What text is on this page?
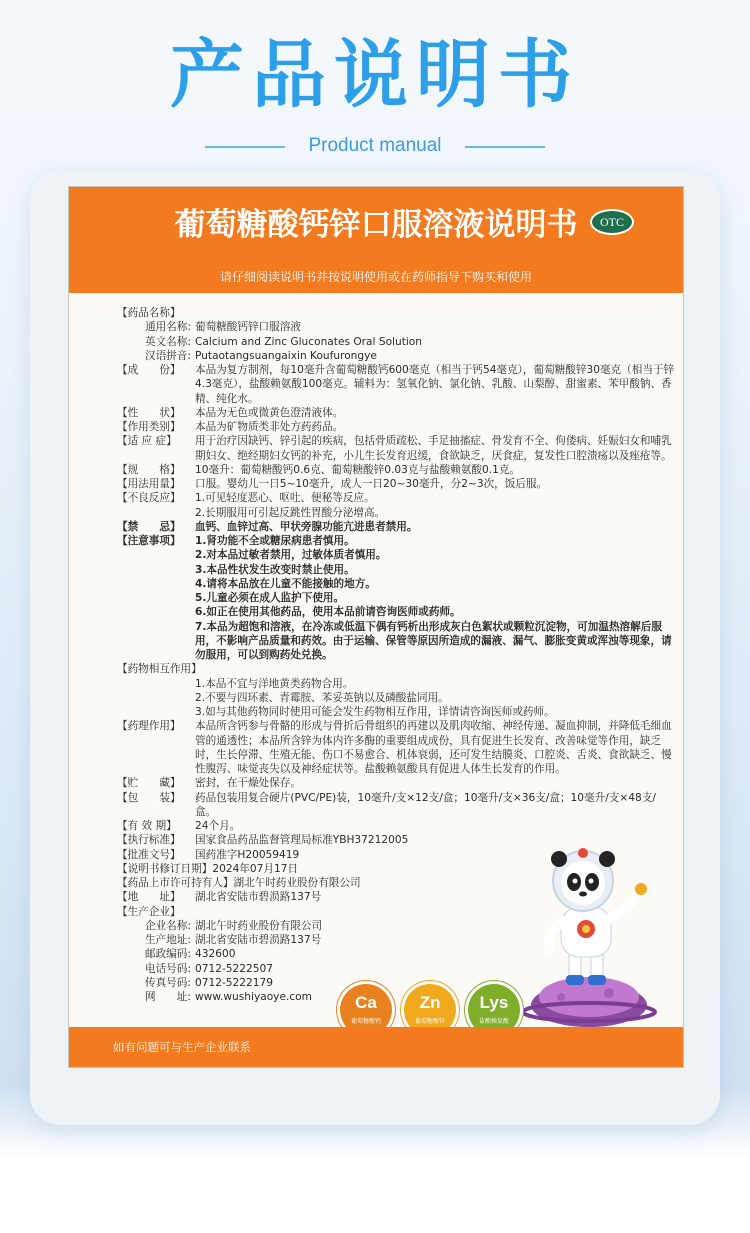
产品说明书
Product manual
葡萄糖酸钙锌口服溶液说明书	OTC
请仔细阅读说明书并按说明使用或在药师指导下购买和使用
【药品名称】
通用名称: 葡萄糖酸钙锌口服溶液
英文名称: Calcium and Zinc Gluconates Oral Solution
汉语拼音: Putaotangsuangaixin Koufurongye
【成　　份】	本品为复方制剂，每10毫升含葡萄糖酸钙600毫克（相当于钙54毫克），葡萄糖酸锌30毫克（相当于锌4.3毫克），盐酸赖氨酸100毫克。辅料为：氢氧化钠、氯化钠、乳酸、山梨醇、甜蜜素、苯甲酸钠、香精、纯化水。
【性　　状】	本品为无色或微黄色澄清液体。
【作用类别】	本品为矿物质类非处方药药品。
【适 应 症】	用于治疗因缺钙、锌引起的疾病，包括骨质疏松、手足抽搐症、骨发育不全、佝偻病、妊娠妇女和哺乳期妇女、绝经期妇女钙的补充，小儿生长发育迟缓，食欲缺乏，厌食症，复发性口腔溃疡以及痤疮等。
【规　　格】	10毫升：葡萄糖酸钙0.6克、葡萄糖酸锌0.03克与盐酸赖氨酸0.1克。
【用法用量】	口服。婴幼儿一日5~10毫升，成人一日20~30毫升，分2~3次，饭后服。
【不良反应】	1.可见轻度恶心、呕吐、便秘等反应。
2.长期服用可引起反跳性胃酸分泌增高。
【禁　　忌】	血钙、血锌过高、甲状旁腺功能亢进患者禁用。
【注意事项】	1.肾功能不全或糖尿病患者慎用。
2.对本品过敏者禁用，过敏体质者慎用。
3.本品性状发生改变时禁止使用。
4.请将本品放在儿童不能接触的地方。
5.儿童必须在成人监护下使用。
6.如正在使用其他药品，使用本品前请咨询医师或药师。
7.本品为超饱和溶液，在冷冻或低温下偶有钙析出形成灰白色絮状或颗粒沉淀物，可加温热溶解后服用，不影响产品质量和药效。由于运输、保管等原因所造成的漏液、漏气、膨胀变黄或浑浊等现象，请勿服用，可以到购药处兑换。
【药物相互作用】
1.本品不宜与洋地黄类药物合用。
2.不要与四环素、青霉胺、苯妥英钠以及磷酸盐同用。
3.如与其他药物同时使用可能会发生药物相互作用，详情请咨询医师或药师。
【药理作用】	本品所含钙参与骨骼的形成与骨折后骨组织的再建以及肌肉收缩、神经传递、凝血抑制，并降低毛细血管的通透性；本品所含锌为体内许多酶的重要组成成份，具有促进生长发育、改善味觉等作用，缺乏时，生长停滞、生殖无能、伤口不易愈合、机体衰弱，还可发生结膜炎、口腔炎、舌炎、食欲缺乏、慢性腹泻、味觉丧失以及神经症状等。盐酸赖氨酸具有促进人体生长发育的作用。
【贮　　藏】	密封，在干燥处保存。
【包　　装】	药品包装用复合硬片(PVC/PE)装，10毫升/支×12支/盒；10毫升/支×36支/盒；10毫升/支×48支/盒。
【有 效 期】	24个月。
【执行标准】	国家食品药品监督管理局标准YBH37212005
【批准文号】	国药准字H20059419
【说明书修订日期】 2024年07月17日
【药品上市许可持有人】 湖北午时药业股份有限公司
【地　　址】	湖北省安陆市碧涢路137号
【生产企业】
企业名称: 湖北午时药业股份有限公司
生产地址: 湖北省安陆市碧涢路137号
邮政编码: 432600
电话号码: 0712-5222507
传真号码: 0712-5222179
网　　址: www.wushiyaoye.com	Ca
葡萄糖酸钙
Zn
葡萄糖酸锌
Lys
盐酸赖氨酸
如有问题可与生产企业联系
